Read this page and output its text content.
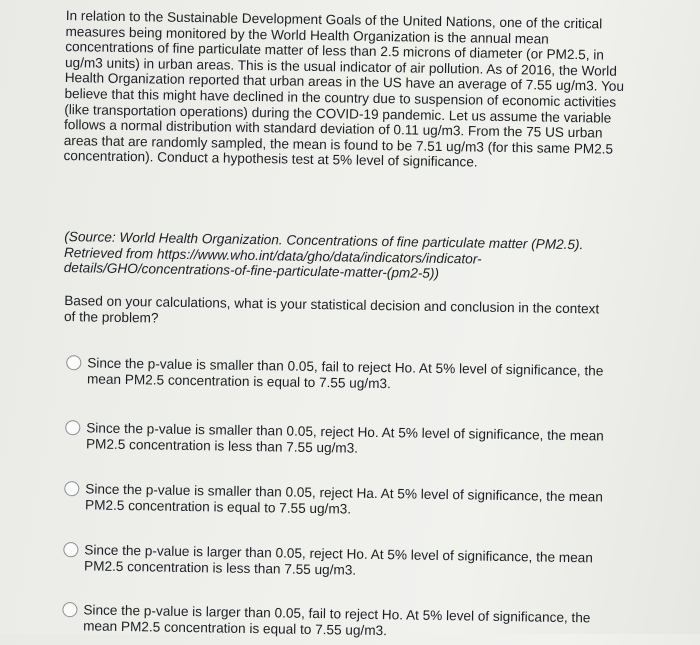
In relation to the Sustainable Development Goals of the United Nations, one of the critical measures being monitored by the World Health Organization is the annual mean concentrations of fine particulate matter of less than 2.5 microns of diameter (or PM2.5, in ug/m3 units) in urban areas. This is the usual indicator of air pollution. As of 2016, the World Health Organization reported that urban areas in the US have an average of 7.55 ug/m3. You believe that this might have declined in the country due to suspension of economic activities (like transportation operations) during the COVID-19 pandemic. Let us assume the variable follows a normal distribution with standard deviation of 0.11 ug/m3. From the 75 US urban areas that are randomly sampled, the mean is found to be 7.51 ug/m3 (for this same PM2.5 concentration). Conduct a hypothesis test at 5% level of significance.

(Source: World Health Organization. Concentrations of fine particulate matter (PM2.5). Retrieved from https://www.who.int/data/gho/data/indicators/indicator-details/GHO/concentrations-of-fine-particulate-matter-(pm2-5))

Based on your calculations, what is your statistical decision and conclusion in the context of the problem?

Since the p-value is smaller than 0.05, fail to reject Ho. At 5% level of significance, the mean PM2.5 concentration is equal to 7.55 ug/m3.
Since the p-value is smaller than 0.05, reject Ho. At 5% level of significance, the mean PM2.5 concentration is less than 7.55 ug/m3.
Since the p-value is smaller than 0.05, reject Ha. At 5% level of significance, the mean PM2.5 concentration is equal to 7.55 ug/m3.
Since the p-value is larger than 0.05, reject Ho. At 5% level of significance, the mean PM2.5 concentration is less than 7.55 ug/m3.
Since the p-value is larger than 0.05, fail to reject Ho. At 5% level of significance, the mean PM2.5 concentration is equal to 7.55 ug/m3.
